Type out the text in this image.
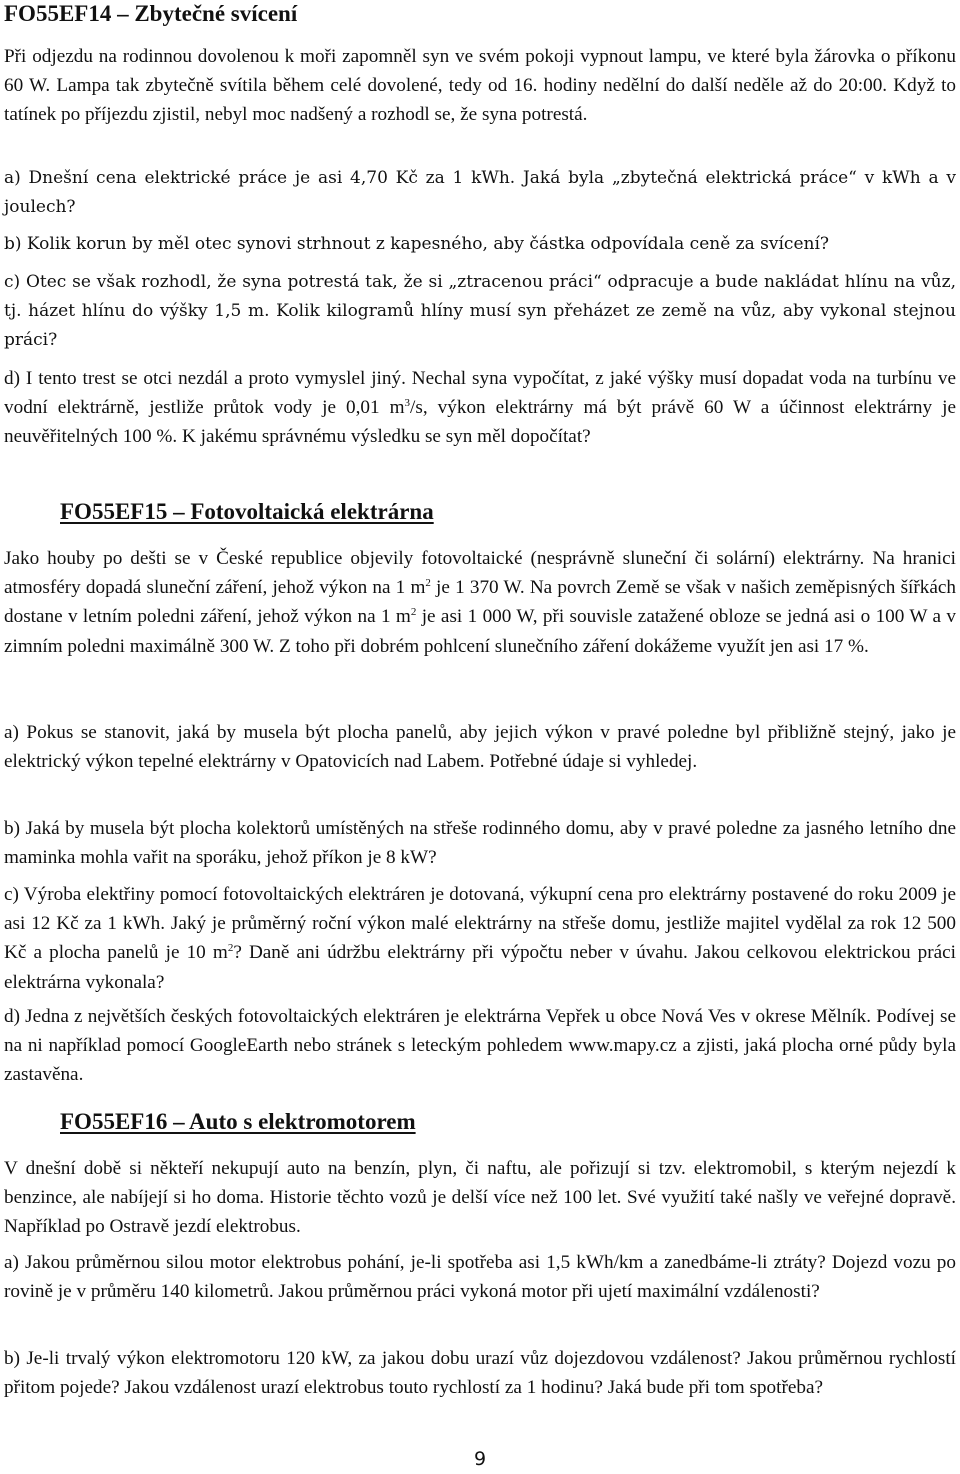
FO55EF14 – Zbytečné svícení

Při odjezdu na rodinnou dovolenou k moři zapomněl syn ve svém pokoji vypnout lampu, ve které byla žárovka o příkonu 60 W. Lampa tak zbytečně svítila během celé dovolené, tedy od 16. hodiny nedělní do další neděle až do 20:00. Když to tatínek po příjezdu zjistil, nebyl moc nadšený a rozhodl se, že syna potrestá.

a) Dnešní cena elektrické práce je asi 4,70 Kč za 1 kWh. Jaká byla „zbytečná elektrická práce“ v kWh a v joulech?

b) Kolik korun by měl otec synovi strhnout z kapesného, aby částka odpovídala ceně za svícení?

c) Otec se však rozhodl, že syna potrestá tak, že si „ztracenou práci“ odpracuje a bude nakládat hlínu na vůz, tj. házet hlínu do výšky 1,5 m. Kolik kilogramů hlíny musí syn přeházet ze země na vůz, aby vykonal stejnou práci?

d) I tento trest se otci nezdál a proto vymyslel jiný. Nechal syna vypočítat, z jaké výšky musí dopadat voda na turbínu ve vodní elektrárně, jestliže průtok vody je 0,01 $m^3/s$, výkon elektrárny má být právě 60 W a účinnost elektrárny je neuvěřitelných 100 %. K jakému správnému výsledku se syn měl dopočítat?

FO55EF15 – Fotovoltaická elektrárna

Jako houby po dešti se v České republice objevily fotovoltaické (nesprávně sluneční či solární) elektrárny. Na hranici atmosféry dopadá sluneční záření, jehož výkon na 1 $m^2$ je 1 370 W. Na povrch Země se však v našich zeměpisných šířkách dostane v letním poledni záření, jehož výkon na 1 $m^2$ je asi 1 000 W, při souvisle zatažené obloze se jedná asi o 100 W a v zimním poledni maximálně 300 W. Z toho při dobrém pohlcení slunečního záření dokážeme využít jen asi 17 %.

a) Pokus se stanovit, jaká by musela být plocha panelů, aby jejich výkon v pravé poledne byl přibližně stejný, jako je elektrický výkon tepelné elektrárny v Opatovicích nad Labem. Potřebné údaje si vyhledej.

b) Jaká by musela být plocha kolektorů umístěných na střeše rodinného domu, aby v pravé poledne za jasného letního dne maminka mohla vařit na sporáku, jehož příkon je 8 kW?

c) Výroba elektřiny pomocí fotovoltaických elektráren je dotovaná, výkupní cena pro elektrárny postavené do roku 2009 je asi 12 Kč za 1 kWh. Jaký je průměrný roční výkon malé elektrárny na střeše domu, jestliže majitel vydělal za rok 12 500 Kč a plocha panelů je 10 $m^2$? Daně ani údržbu elektrárny při výpočtu neber v úvahu. Jakou celkovou elektrickou práci elektrárna vykonala?

d) Jedna z největších českých fotovoltaických elektráren je elektrárna Vepřek u obce Nová Ves v okrese Mělník. Podívej se na ni například pomocí GoogleEarth nebo stránek s leteckým pohledem www.mapy.cz a zjisti, jaká plocha orné půdy byla zastavěna.

FO55EF16 – Auto s elektromotorem

V dnešní době si někteří nekupují auto na benzín, plyn, či naftu, ale pořizují si tzv. elektromobil, s kterým nejezdí k benzince, ale nabíjejí si ho doma. Historie těchto vozů je delší více než 100 let. Své využití také našly ve veřejné dopravě. Například po Ostravě jezdí elektrobus.

a) Jakou průměrnou silou motor elektrobus pohání, je-li spotřeba asi 1,5 kWh/km a zanedbáme-li ztráty? Dojezd vozu po rovině je v průměru 140 kilometrů. Jakou průměrnou práci vykoná motor při ujetí maximální vzdálenosti?

b) Je-li trvalý výkon elektromotoru 120 kW, za jakou dobu urazí vůz dojezdovou vzdálenost? Jakou průměrnou rychlostí přitom pojede? Jakou vzdálenost urazí elektrobus touto rychlostí za 1 hodinu? Jaká bude při tom spotřeba?

9
